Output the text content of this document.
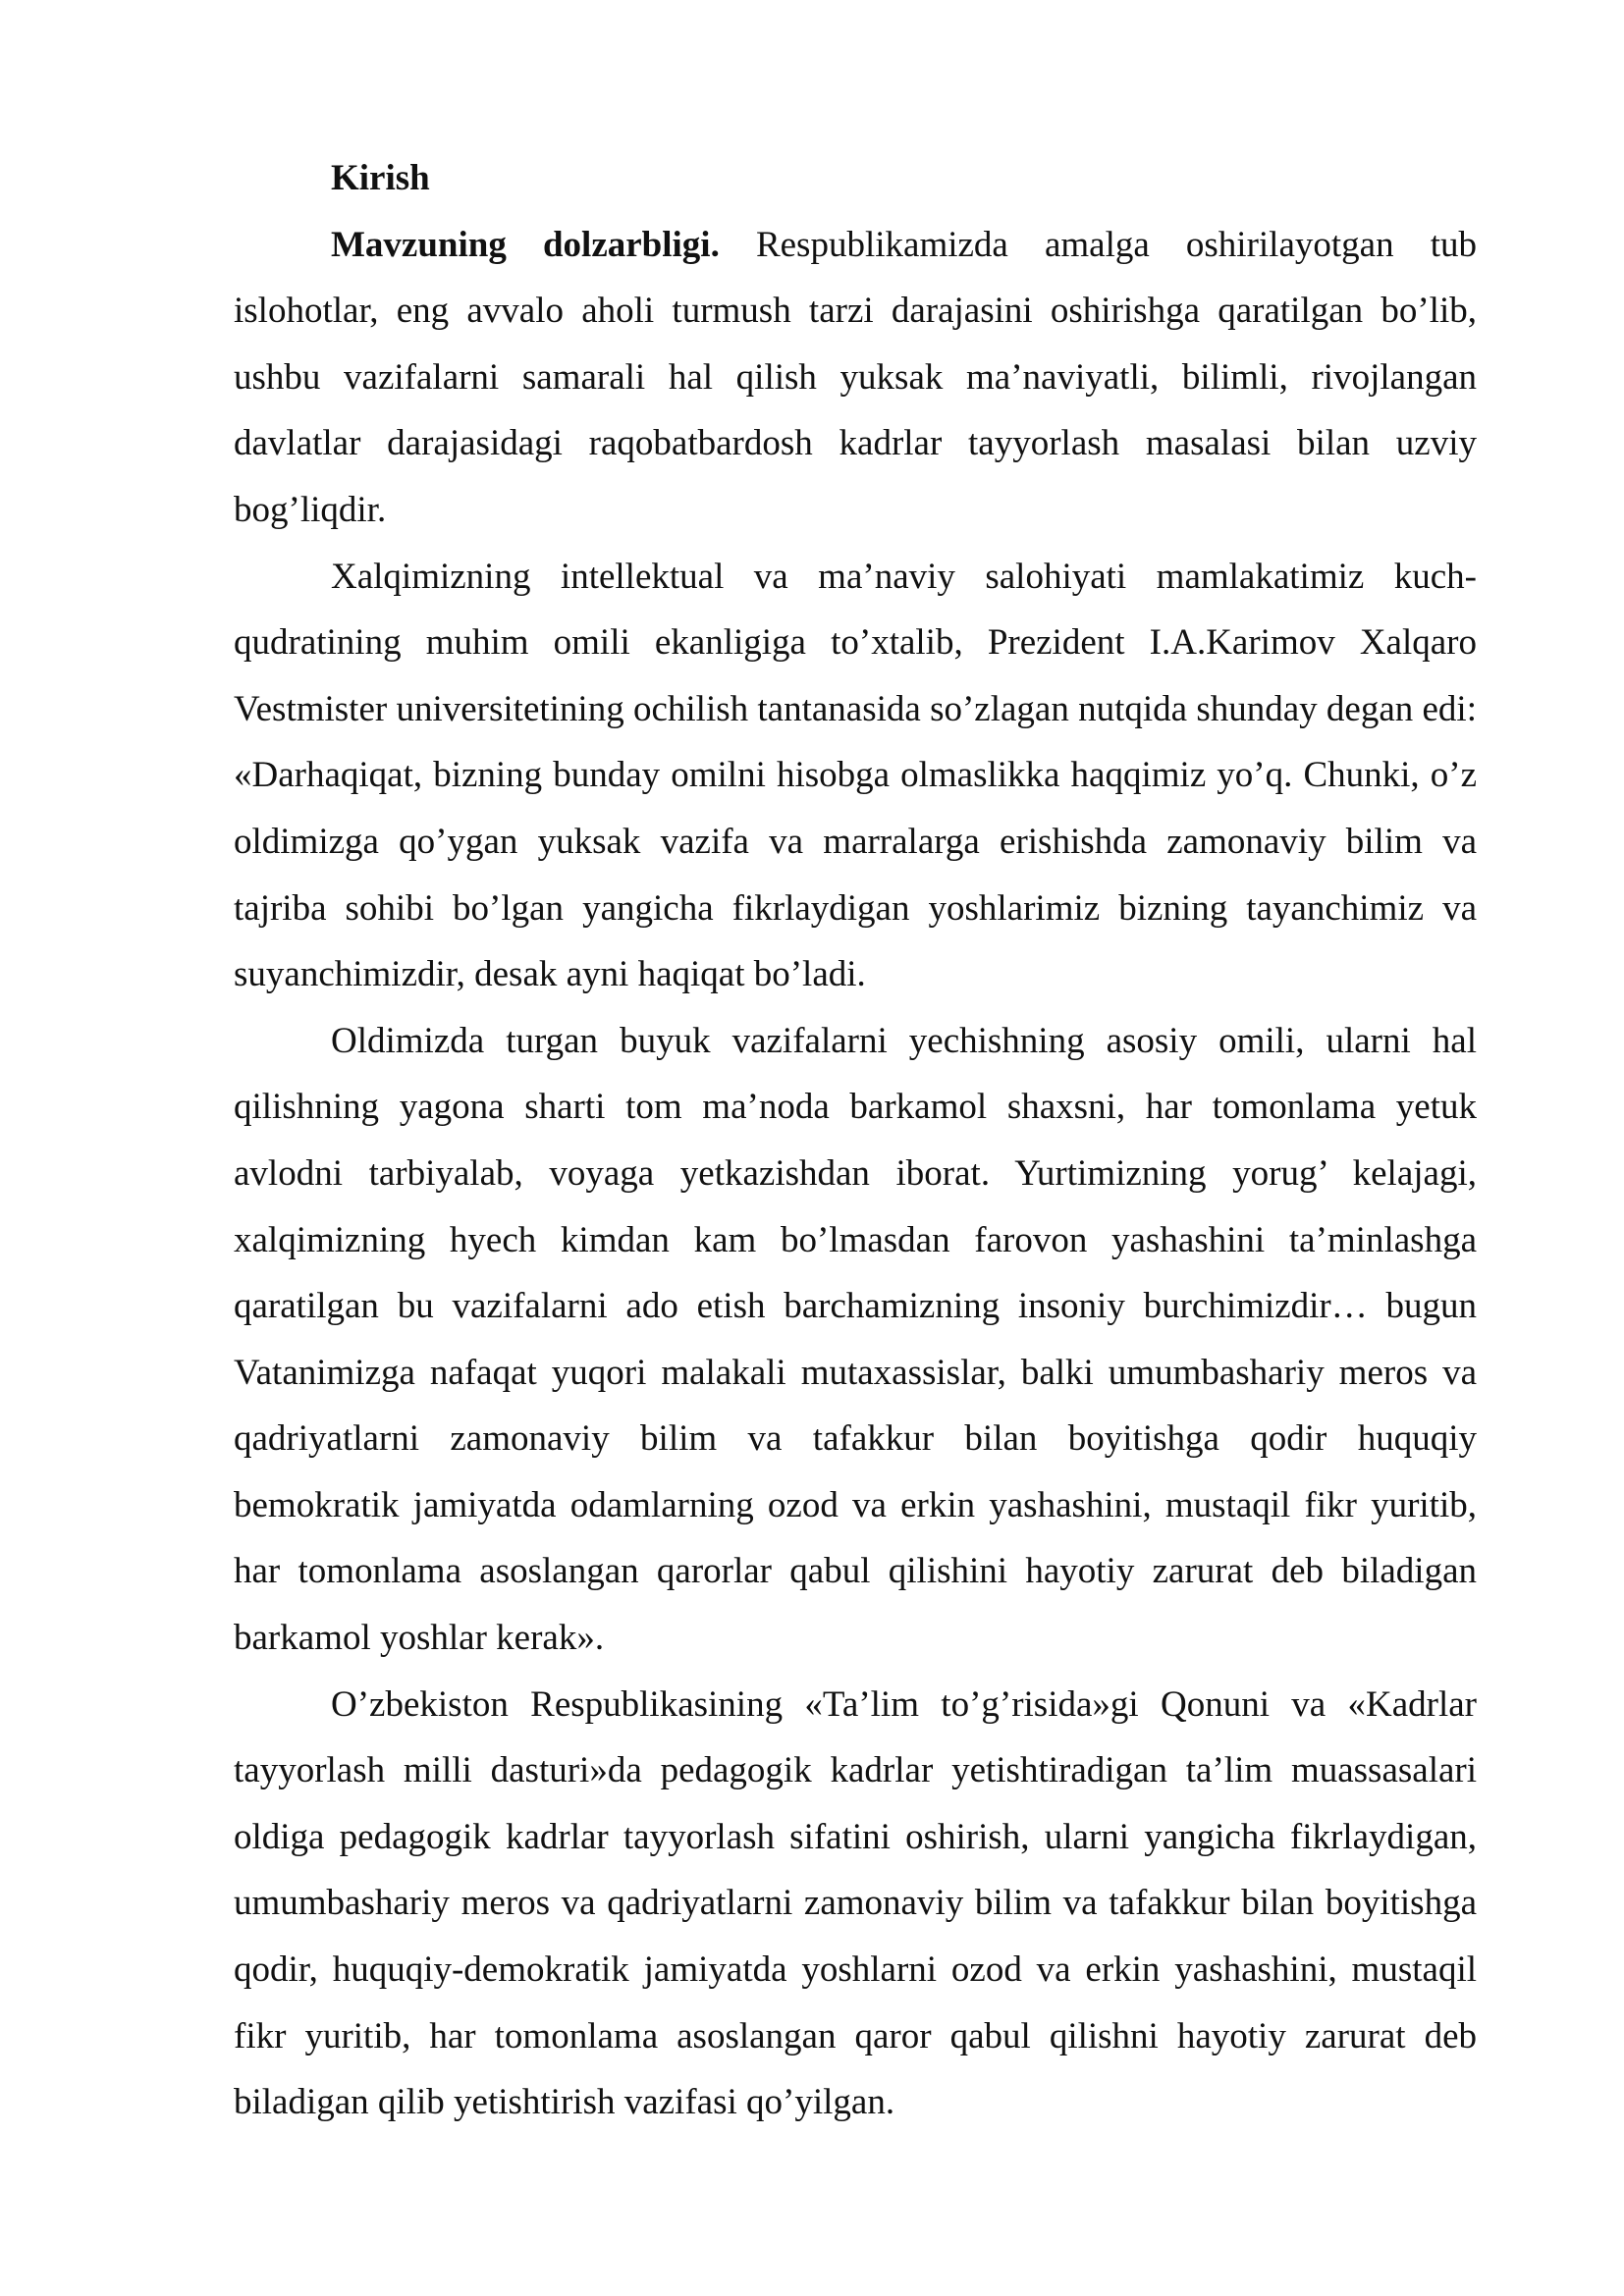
Kirish

Mavzuning dolzarbligi. Respublikamizda amalga oshirilayotgan tub islohotlar, eng avvalo aholi turmush tarzi darajasini oshirishga qaratilgan bo’lib, ushbu vazifalarni samarali hal qilish yuksak ma’naviyatli, bilimli, rivojlangan davlatlar darajasidagi raqobatbardosh kadrlar tayyorlash masalasi bilan uzviy bog’liqdir.

Xalqimizning intellektual va ma’naviy salohiyati mamlakatimiz kuch-qudratining muhim omili ekanligiga to’xtalib, Prezident I.A.Karimov Xalqaro Vestmister universitetining ochilish tantanasida so’zlagan nutqida shunday degan edi: «Darhaqiqat, bizning bunday omilni hisobga olmaslikka haqqimiz yo’q. Chunki, o’z oldimizga qo’ygan yuksak vazifa va marralarga erishishda zamonaviy bilim va tajriba sohibi bo’lgan yangicha fikrlaydigan yoshlarimiz bizning tayanchimiz va suyanchimizdir, desak ayni haqiqat bo’ladi.

Oldimizda turgan buyuk vazifalarni yechishning asosiy omili, ularni hal qilishning yagona sharti tom ma’noda barkamol shaxsni, har tomonlama yetuk avlodni tarbiyalab, voyaga yetkazishdan iborat. Yurtimizning yorug’ kelajagi, xalqimizning hyech kimdan kam bo’lmasdan farovon yashashini ta’minlashga qaratilgan bu vazifalarni ado etish barchamizning insoniy burchimizdir… bugun Vatanimizga nafaqat yuqori malakali mutaxassislar, balki umumbashariy meros va qadriyatlarni zamonaviy bilim va tafakkur bilan boyitishga qodir huquqiy bemokratik jamiyatda odamlarning ozod va erkin yashashini, mustaqil fikr yuritib, har tomonlama asoslangan qarorlar qabul qilishini hayotiy zarurat deb biladigan barkamol yoshlar kerak».

O’zbekiston Respublikasining «Ta’lim to’g’risida»gi Qonuni va «Kadrlar tayyorlash milli dasturi»da pedagogik kadrlar yetishtiradigan ta’lim muassasalari oldiga pedagogik kadrlar tayyorlash sifatini oshirish, ularni yangicha fikrlaydigan, umumbashariy meros va qadriyatlarni zamonaviy bilim va tafakkur bilan boyitishga qodir, huquqiy-demokratik jamiyatda yoshlarni ozod va erkin yashashini, mustaqil fikr yuritib, har tomonlama asoslangan qaror qabul qilishni hayotiy zarurat deb biladigan qilib yetishtirish vazifasi qo’yilgan.
